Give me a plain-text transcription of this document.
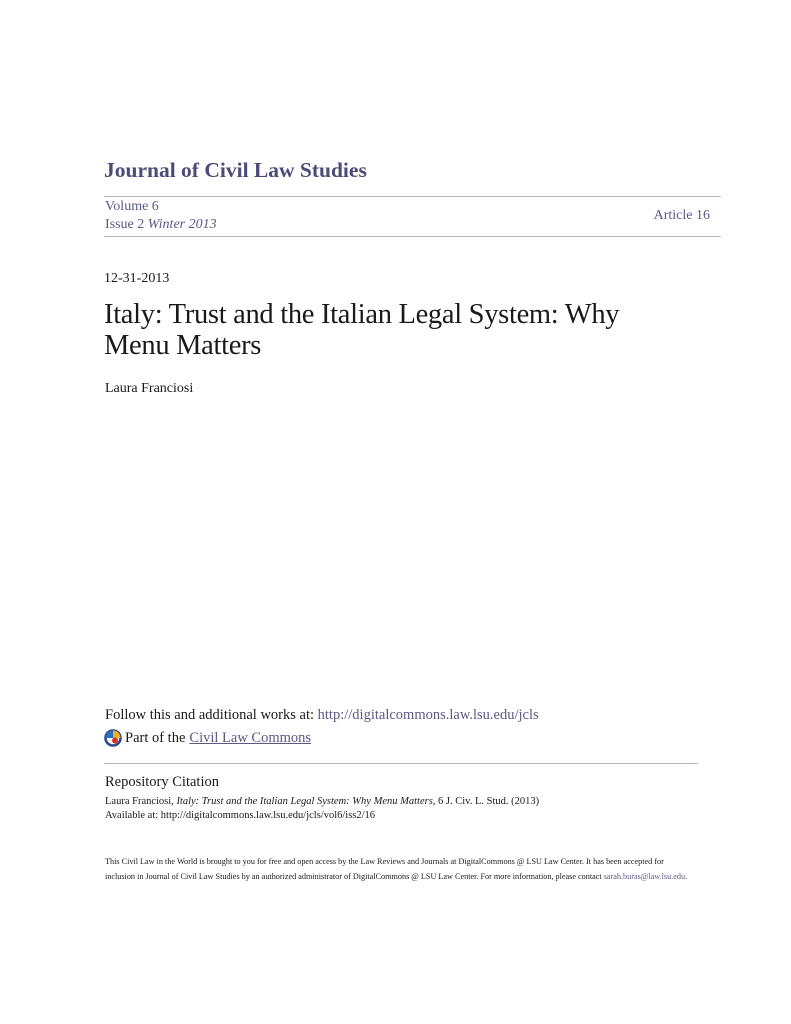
Journal of Civil Law Studies
Volume 6
Issue 2 Winter 2013
Article 16
12-31-2013
Italy: Trust and the Italian Legal System: Why Menu Matters
Laura Franciosi
Follow this and additional works at: http://digitalcommons.law.lsu.edu/jcls
Part of the Civil Law Commons
Repository Citation
Laura Franciosi, Italy: Trust and the Italian Legal System: Why Menu Matters, 6 J. Civ. L. Stud. (2013)
Available at: http://digitalcommons.law.lsu.edu/jcls/vol6/iss2/16
This Civil Law in the World is brought to you for free and open access by the Law Reviews and Journals at DigitalCommons @ LSU Law Center. It has been accepted for inclusion in Journal of Civil Law Studies by an authorized administrator of DigitalCommons @ LSU Law Center. For more information, please contact sarah.buras@law.lsu.edu.
